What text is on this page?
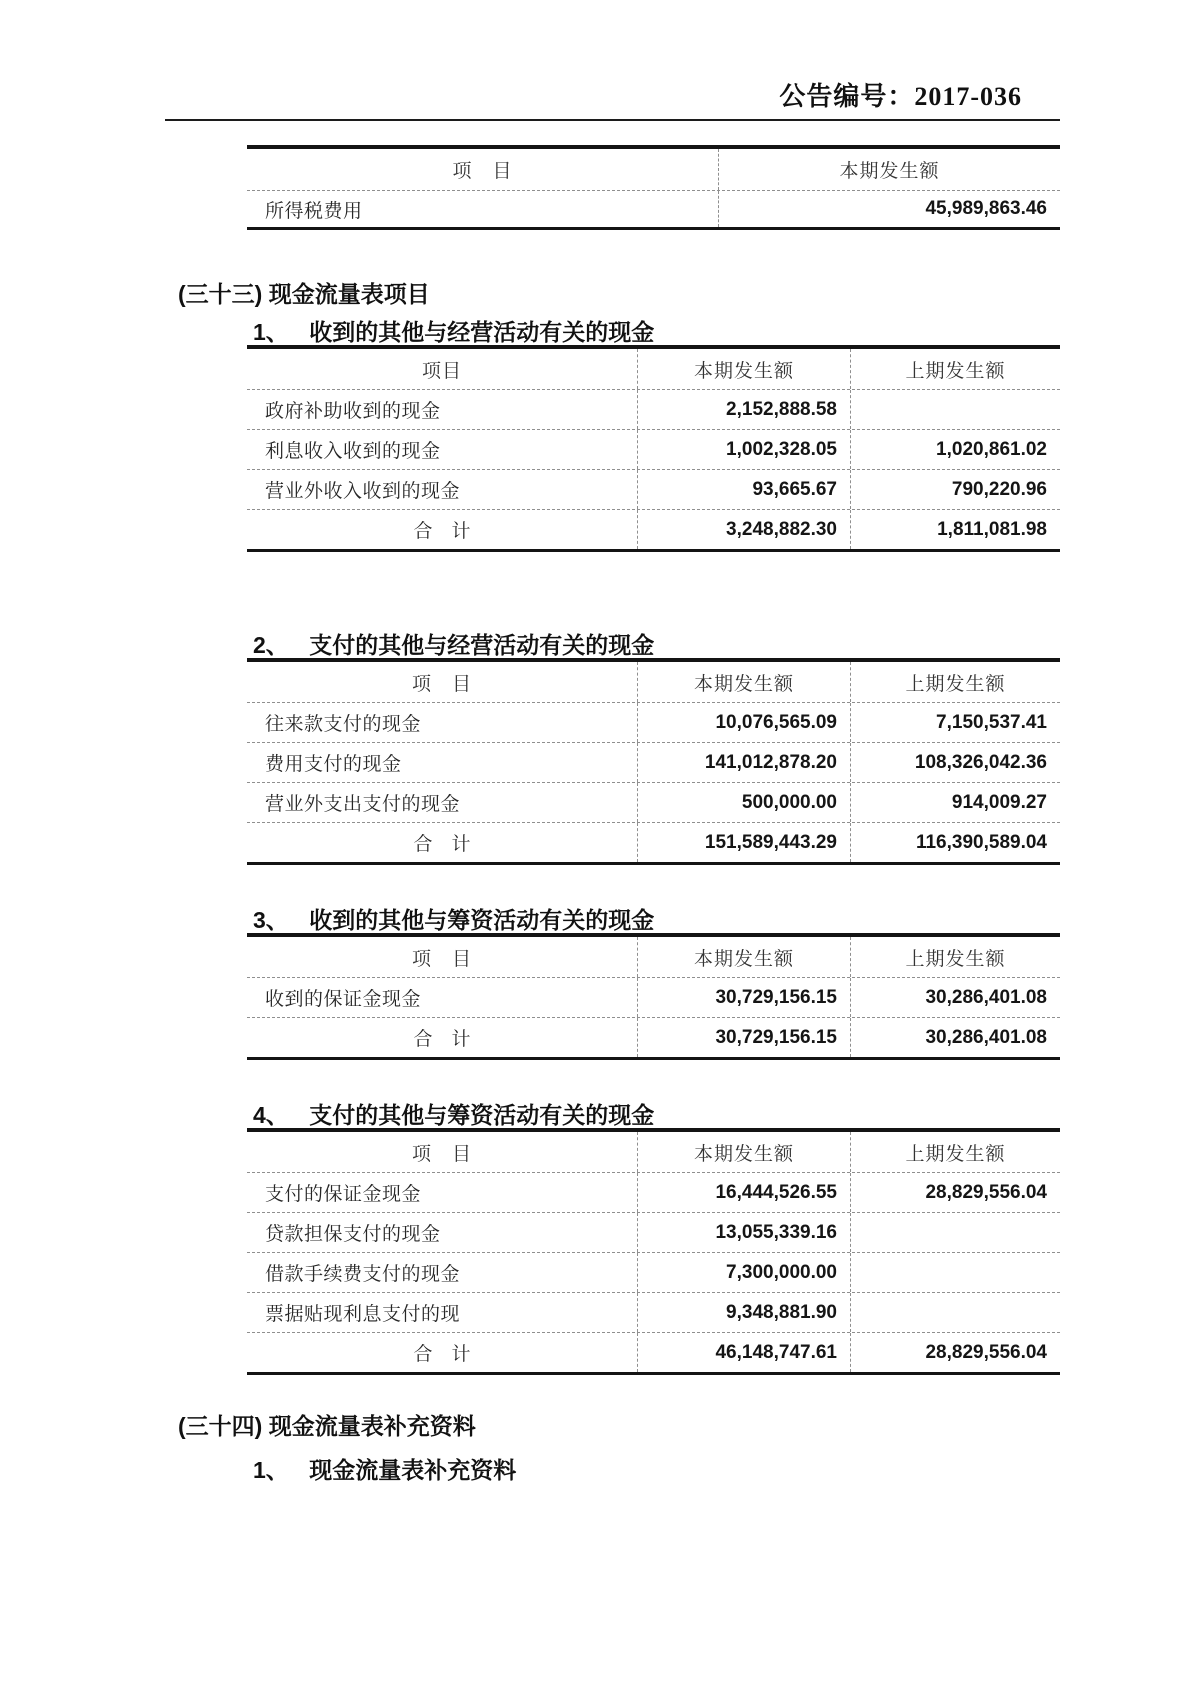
公告编号：2017-036
项　目	本期发生额
所得税费用	45,989,863.46
(三十三) 现金流量表项目
1、 收到的其他与经营活动有关的现金
项目	本期发生额	上期发生额
政府补助收到的现金	2,152,888.58
利息收入收到的现金	1,002,328.05	1,020,861.02
营业外收入收到的现金	93,665.67	790,220.96
合　计	3,248,882.30	1,811,081.98
2、 支付的其他与经营活动有关的现金
项　目	本期发生额	上期发生额
往来款支付的现金	10,076,565.09	7,150,537.41
费用支付的现金	141,012,878.20	108,326,042.36
营业外支出支付的现金	500,000.00	914,009.27
合　计	151,589,443.29	116,390,589.04
3、 收到的其他与筹资活动有关的现金
项　目	本期发生额	上期发生额
收到的保证金现金	30,729,156.15	30,286,401.08
合　计	30,729,156.15	30,286,401.08
4、 支付的其他与筹资活动有关的现金
项　目	本期发生额	上期发生额
支付的保证金现金	16,444,526.55	28,829,556.04
贷款担保支付的现金	13,055,339.16
借款手续费支付的现金	7,300,000.00
票据贴现利息支付的现	9,348,881.90
合　计	46,148,747.61	28,829,556.04
(三十四) 现金流量表补充资料
1、 现金流量表补充资料
